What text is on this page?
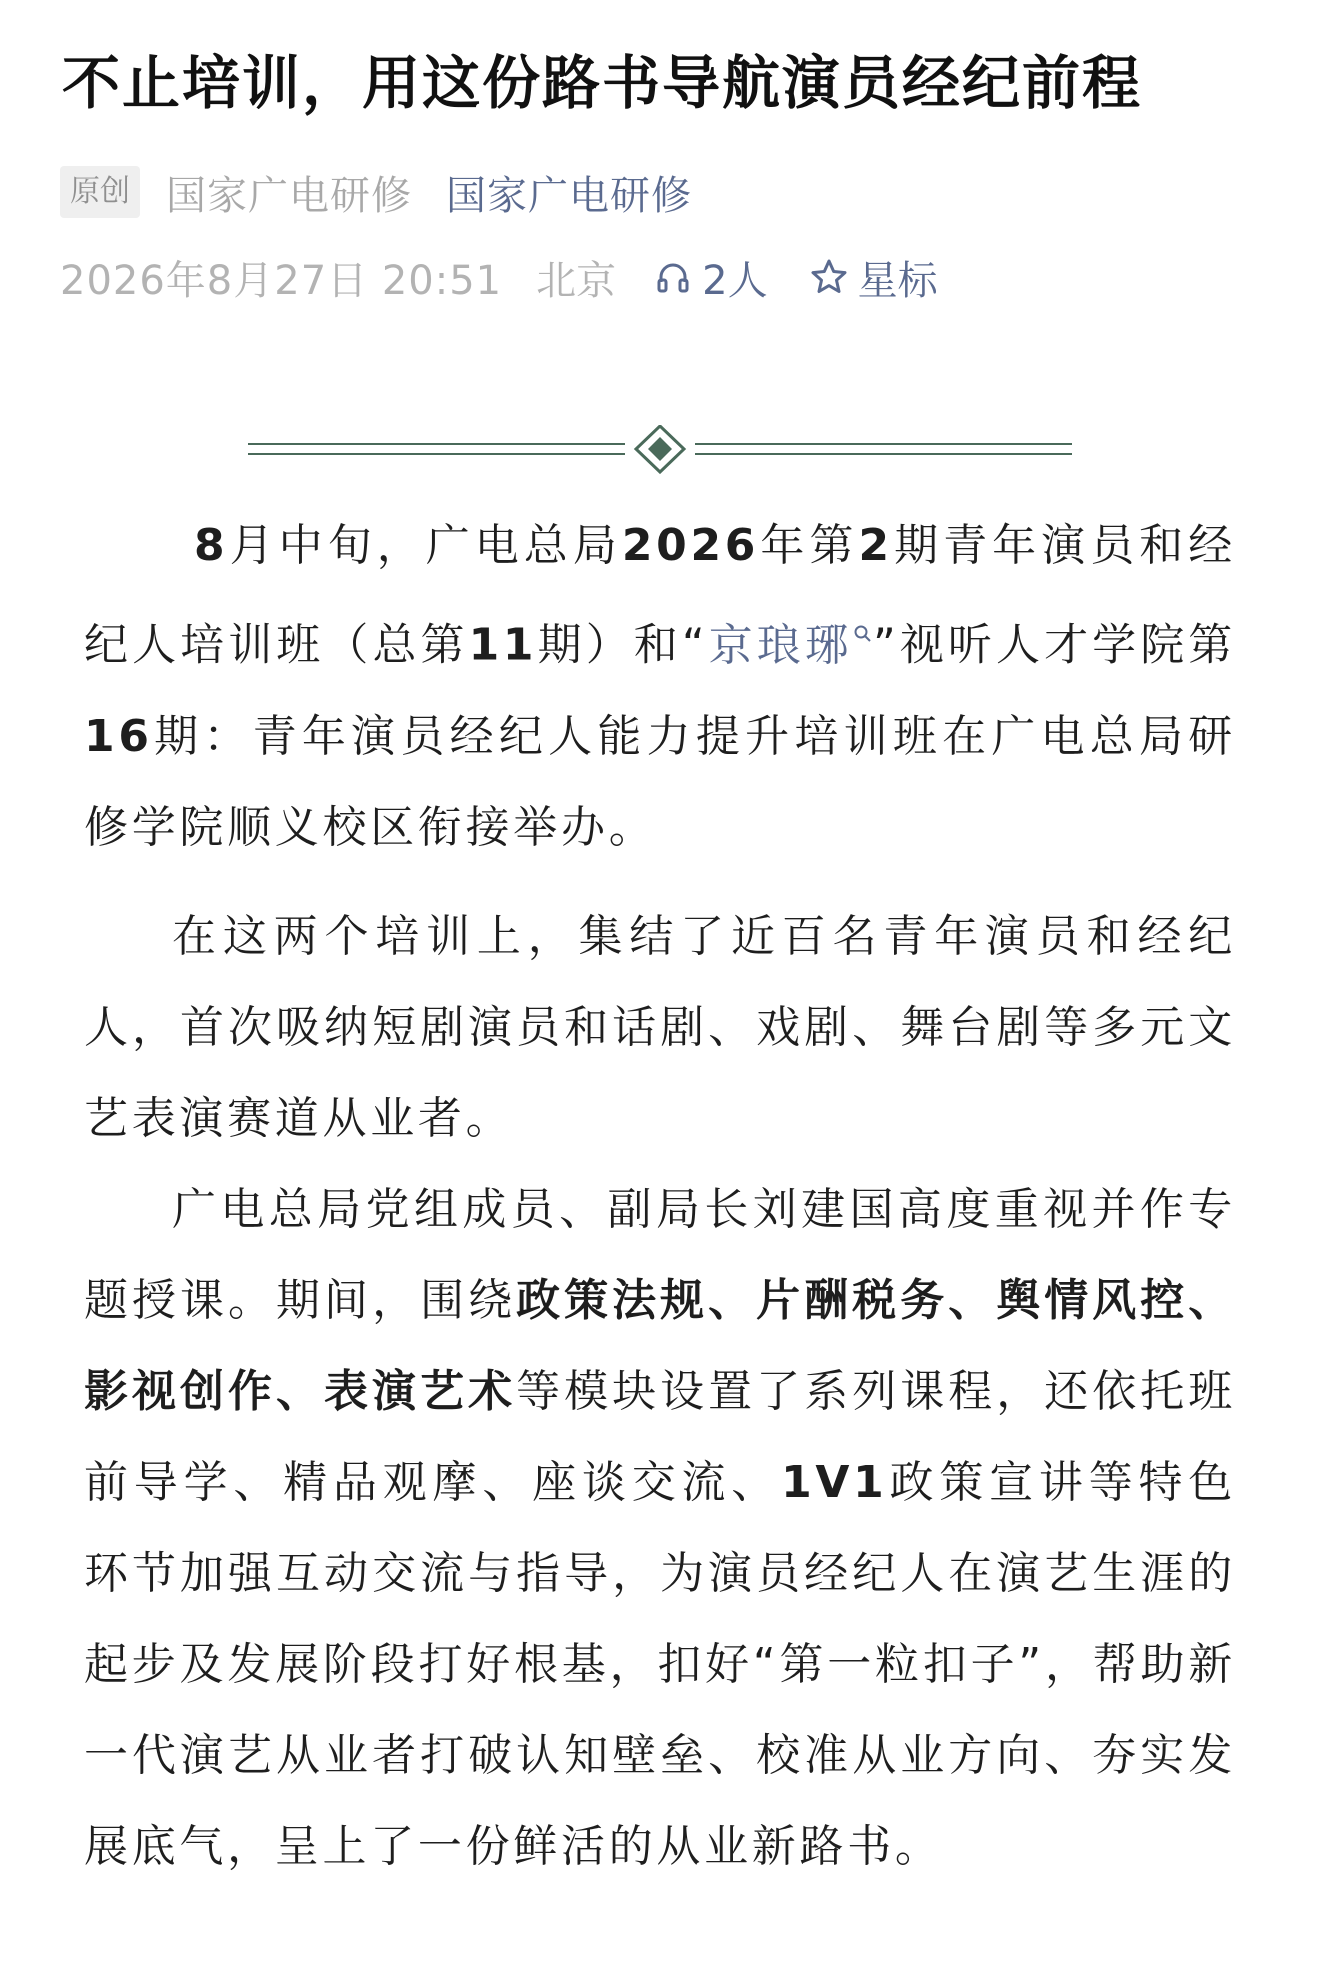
不止培训，用这份路书导航演员经纪前程
原创 国家广电研修 国家广电研修
2026年8月27日 20:51 北京 2人 星标

8月中旬，广电总局2026年第2期青年演员和经纪人培训班（总第11期）和“京琅琊 ”视听人才学院第16期：青年演员经纪人能力提升培训班在广电总局研修学院顺义校区衔接举办。

在这两个培训上，集结了近百名青年演员和经纪人，首次吸纳短剧演员和话剧、戏剧、舞台剧等多元文艺表演赛道从业者。

广电总局党组成员、副局长刘建国高度重视并作专题授课。期间，围绕政策法规、片酬税务、舆情风控、影视创作、表演艺术等模块设置了系列课程，还依托班前导学、精品观摩、座谈交流、1V1政策宣讲等特色环节加强互动交流与指导，为演员经纪人在演艺生涯的起步及发展阶段打好根基，扣好“第一粒扣子”，帮助新一代演艺从业者打破认知壁垒、校准从业方向、夯实发展底气，呈上了一份鲜活的从业新路书。
